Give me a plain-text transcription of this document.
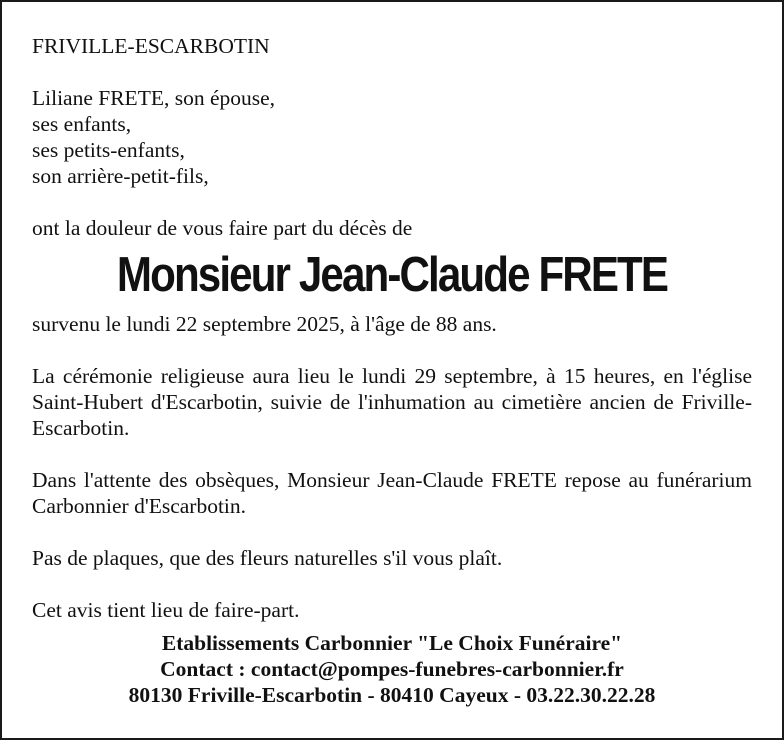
FRIVILLE-ESCARBOTIN

Liliane FRETE, son épouse,
ses enfants,
ses petits-enfants,
son arrière-petit-fils,

ont la douleur de vous faire part du décès de

Monsieur Jean-Claude FRETE

survenu le lundi 22 septembre 2025, à l'âge de 88 ans.

La cérémonie religieuse aura lieu le lundi 29 septembre, à 15 heures, en l'église Saint-Hubert d'Escarbotin, suivie de l'inhumation au cimetière ancien de Friville-Escarbotin.

Dans l'attente des obsèques, Monsieur Jean-Claude FRETE repose au funérarium Carbonnier d'Escarbotin.

Pas de plaques, que des fleurs naturelles s'il vous plaît.

Cet avis tient lieu de faire-part.

Etablissements Carbonnier "Le Choix Funéraire"
Contact : contact@pompes-funebres-carbonnier.fr
80130 Friville-Escarbotin - 80410 Cayeux - 03.22.30.22.28
